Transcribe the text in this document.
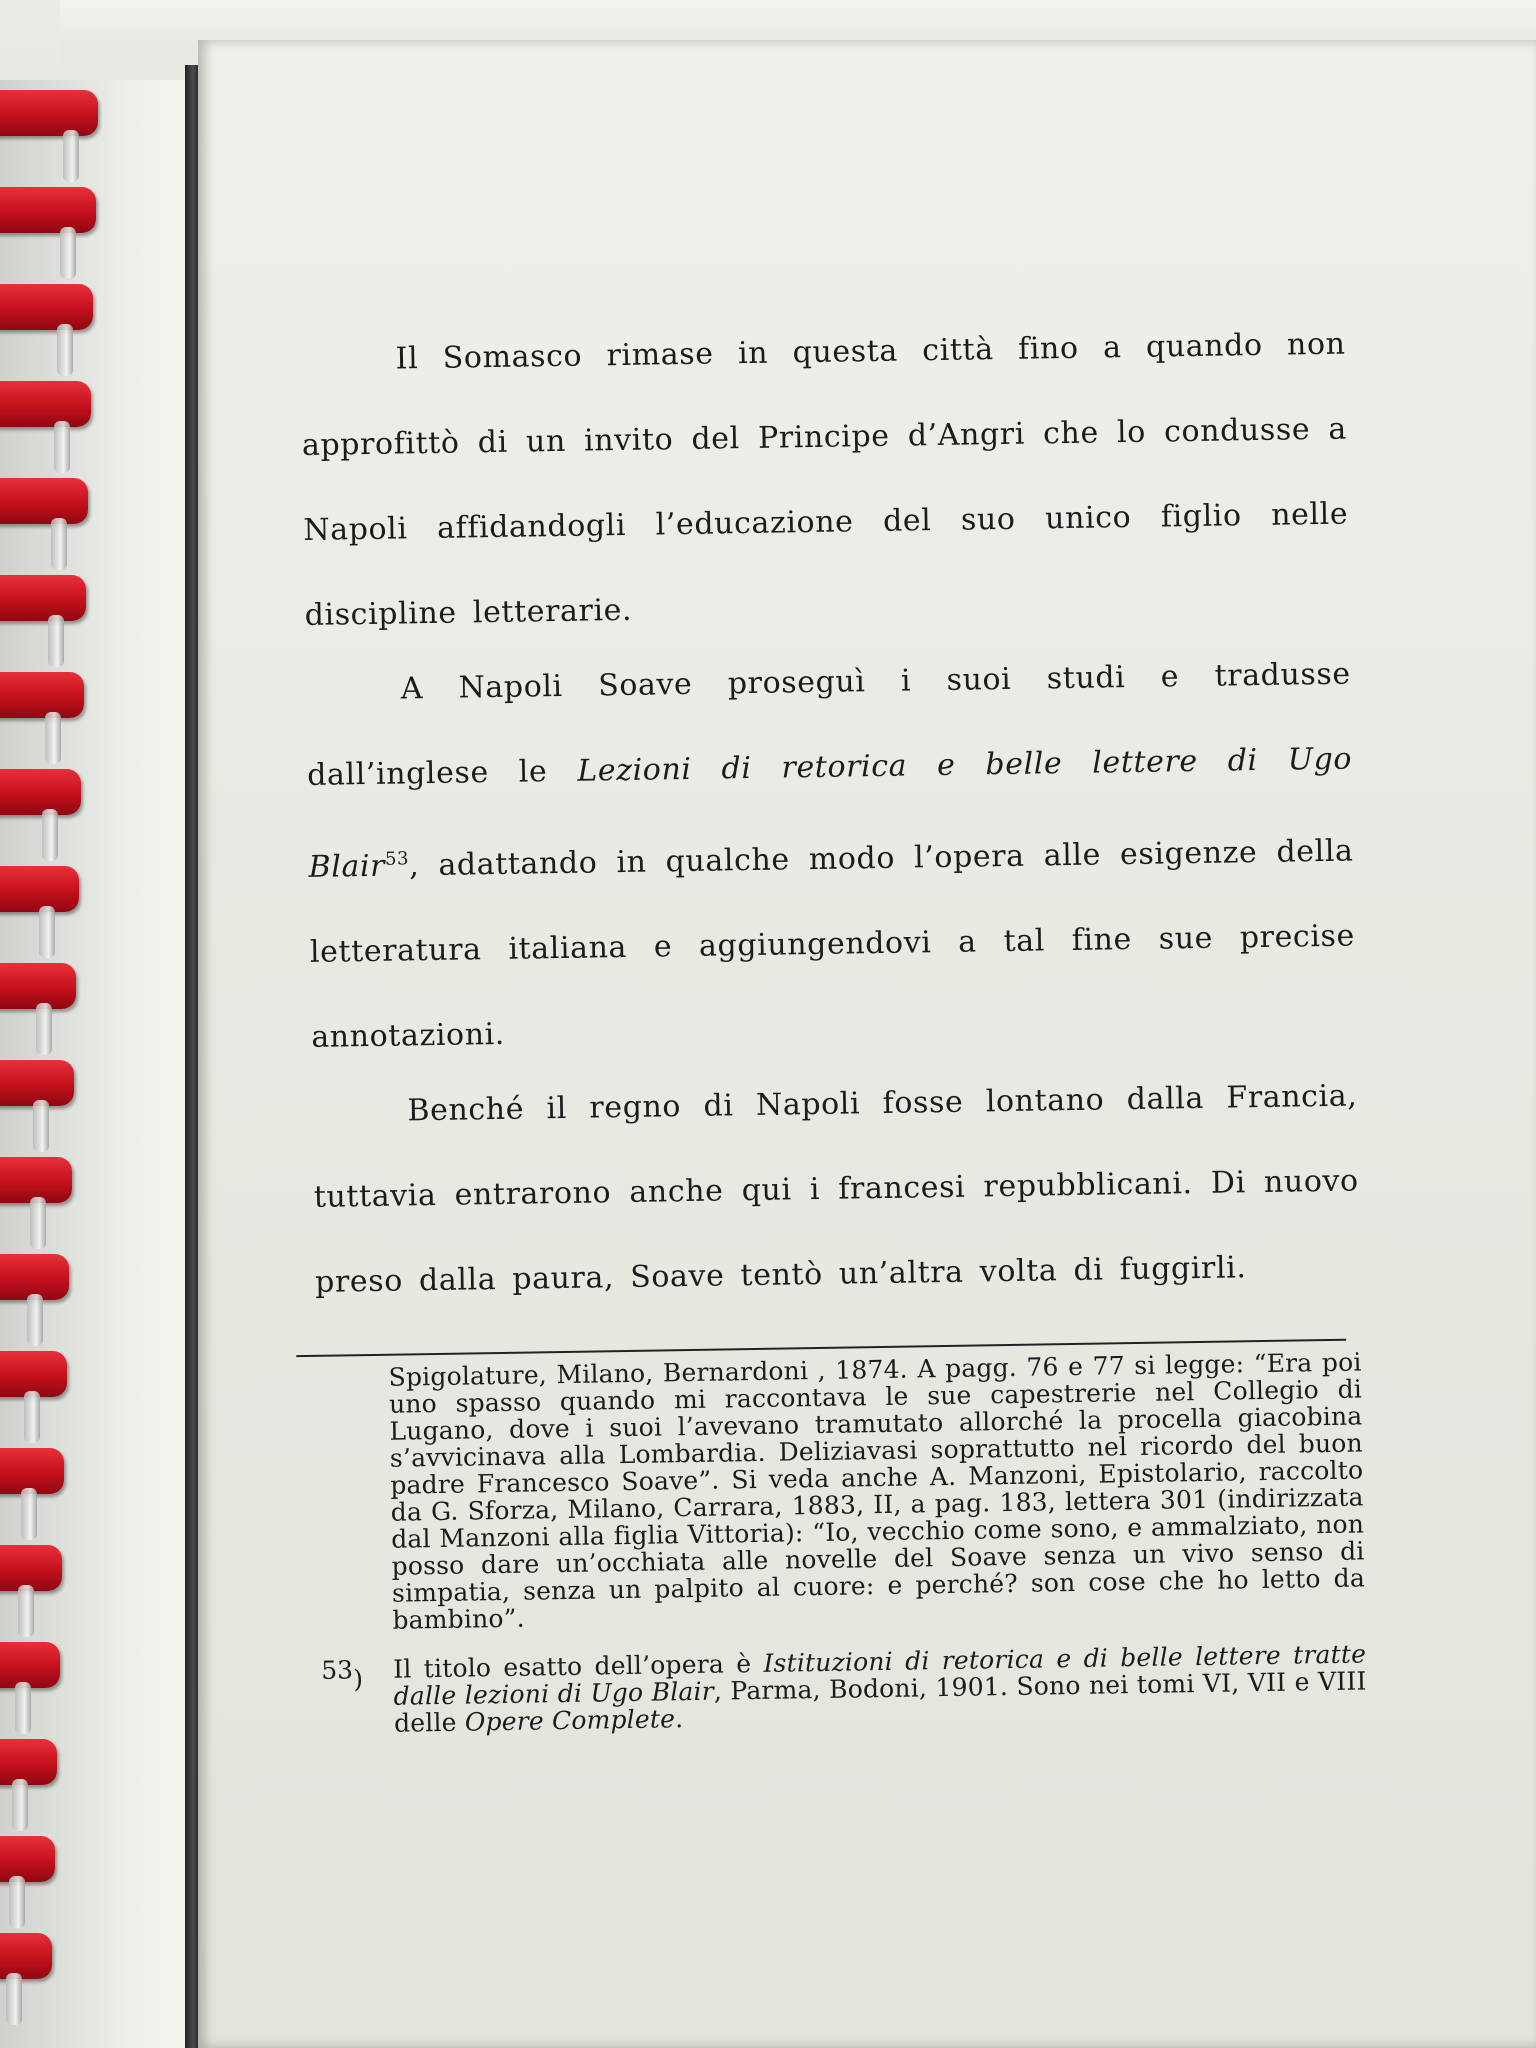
Il Somasco rimase in questa città fino a quando non approfittò di un invito del Principe d’Angri che lo condusse a Napoli affidandogli l’educazione del suo unico figlio nelle discipline letterarie.

A Napoli Soave proseguì i suoi studi e tradusse dall’inglese le Lezioni di retorica e belle lettere di Ugo Blair$^{53}$, adattando in qualche modo l’opera alle esigenze della letteratura italiana e aggiungendovi a tal fine sue precise annotazioni.

Benché il regno di Napoli fosse lontano dalla Francia, tuttavia entrarono anche qui i francesi repubblicani. Di nuovo preso dalla paura, Soave tentò un’altra volta di fuggirli.

Spigolature, Milano, Bernardoni , 1874. A pagg. 76 e 77 si legge: “Era poi uno spasso quando mi raccontava le sue capestrerie nel Collegio di Lugano, dove i suoi l’avevano tramutato allorché la procella giacobina s’avvicinava alla Lombardia. Deliziavasi soprattutto nel ricordo del buon padre Francesco Soave”. Si veda anche A. Manzoni, Epistolario, raccolto da G. Sforza, Milano, Carrara, 1883, II, a pag. 183, lettera 301 (indirizzata dal Manzoni alla figlia Vittoria): “Io, vecchio come sono, e ammalziato, non posso dare un’occhiata alle novelle del Soave senza un vivo senso di simpatia, senza un palpito al cuore: e perché? son cose che ho letto da bambino”.
$^{53}$)	Il titolo esatto dell’opera è Istituzioni di retorica e di belle lettere tratte dalle lezioni di Ugo Blair, Parma, Bodoni, 1901. Sono nei tomi VI, VII e VIII delle Opere Complete.
